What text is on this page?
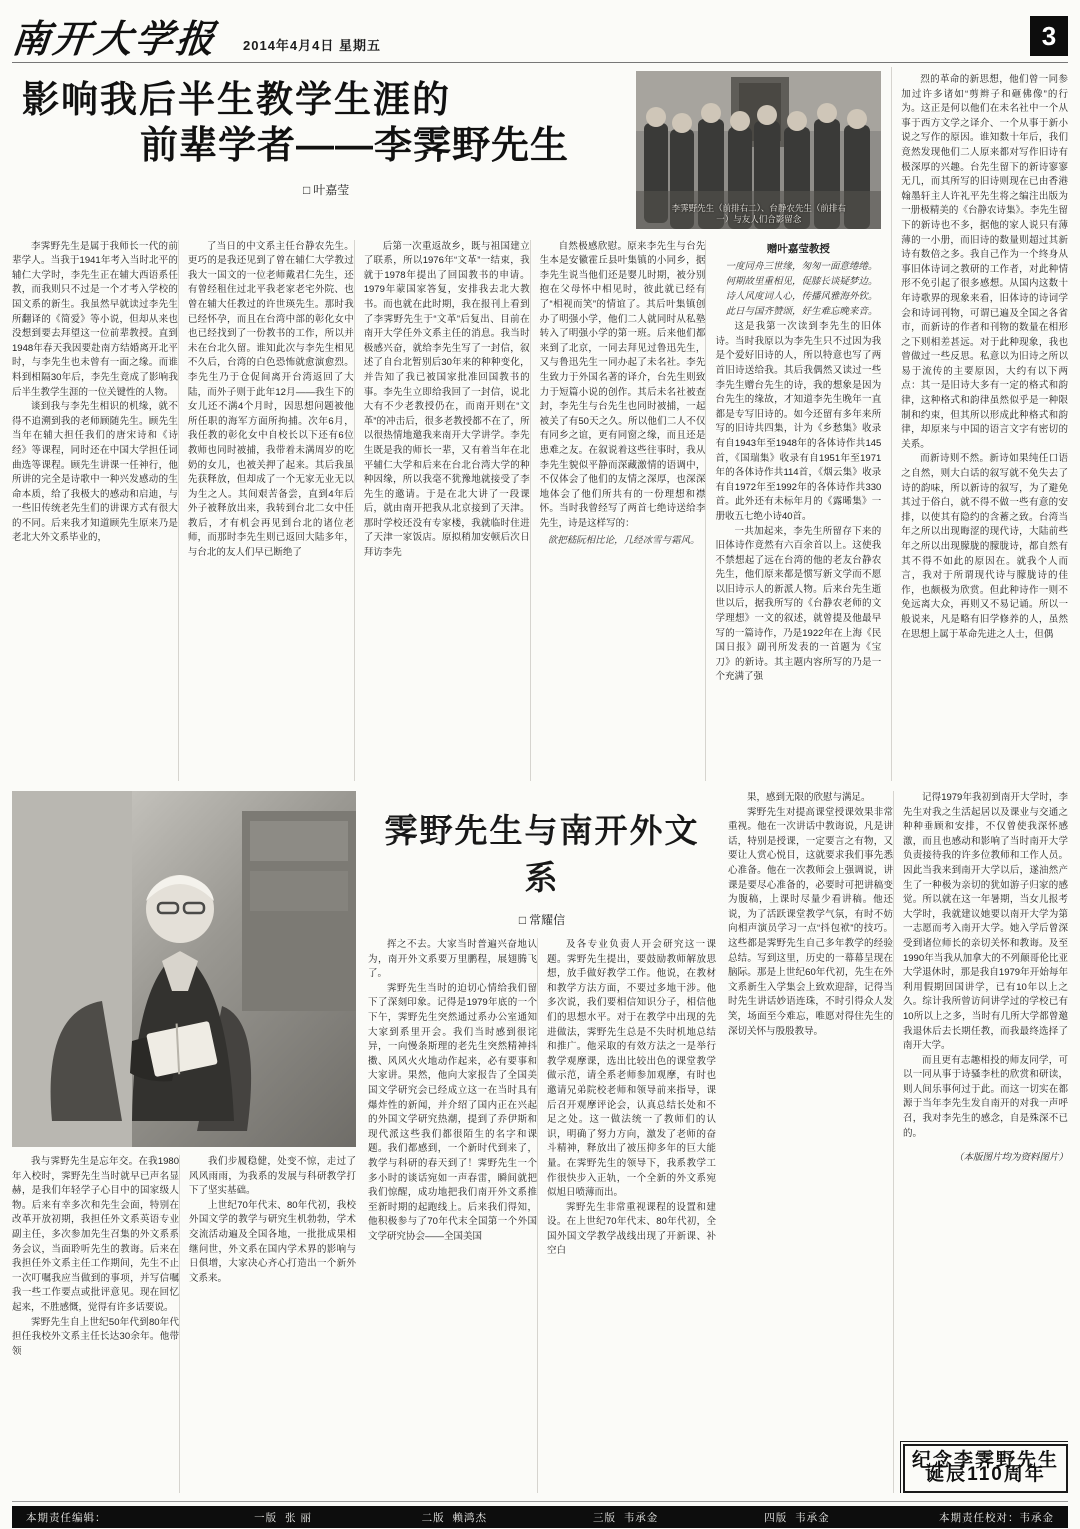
南开大学报 2014年4月4日 星期五	3
影响我后半生教学生涯的
前辈学者——李霁野先生
□ 叶嘉莹
李霁野先生（前排右二）、台静农先生（前排右
一）与友人们合影留念

李霁野先生是属于我师长一代的前辈学人。当我于1941年考入当时北平的辅仁大学时，李先生正在辅大西语系任教，而我则只不过是一个才考入学校的国文系的新生。我虽然早就读过李先生所翻译的《简爱》等小说，但却从来也没想到要去拜望这一位前辈教授。直到1948年春天我因要赴南方结婚离开北平时，与李先生也未曾有一面之缘。而谁料到相隔30年后，李先生竟成了影响我后半生教学生涯的一位关键性的人物。

谈到我与李先生相识的机缘，就不得不追溯到我的老师顾随先生。顾先生当年在辅大担任我们的唐宋诗和《诗经》等课程，同时还在中国大学担任词曲选等课程。顾先生讲课一任神行，他所讲的完全是诗歌中一种兴发感动的生命本质，给了我极大的感动和启迪，与一些旧传统老先生们的讲课方式有很大的不同。后来我才知道顾先生原来乃是老北大外文系毕业的，

了当日的中文系主任台静农先生。更巧的是我还见到了曾在辅仁大学教过我大一国文的一位老师戴君仁先生，还有曾经租住过北平我老家老宅外院、也曾在辅大任教过的许世瑛先生。那时我已经怀孕，而且在台湾中部的彰化女中也已经找到了一份教书的工作，所以并未在台北久留。谁知此次与李先生相见不久后，台湾的白色恐怖就愈演愈烈。李先生乃于仓促间离开台湾返回了大陆，而外子则于此年12月——我生下的女儿还不满4个月时，因思想问题被他所任职的海军方面所拘捕。次年6月，我任教的彰化女中自校长以下还有6位教师也同时被捕，我带着未满周岁的吃奶的女儿，也被关押了起来。其后我虽先获释放，但却成了一个无家无业无以为生之人。其间艰苦备尝，直到4年后外子被释放出来，我转到台北二女中任教后，才有机会再见到台北的诸位老师，而那时李先生则已返回大陆多年，与台北的友人们早已断绝了

后第一次重返故乡，既与祖国建立了联系，所以1976年“文革”一结束，我就于1978年提出了回国教书的申请。1979年蒙国家答复，安排我去北大教书。而也就在此时期，我在报刊上看到了李霁野先生于“文革”后复出、目前在南开大学任外文系主任的消息。我当时极感兴奋，就给李先生写了一封信，叙述了自台北暂别后30年来的种种变化，并告知了我已被国家批准回国教书的事。李先生立即给我回了一封信，说北大有不少老教授仍在，而南开则在“文革”的冲击后，很多老教授都不在了，所以很热情地邀我来南开大学讲学。李先生既是我的师长一辈，又有着当年在北平辅仁大学和后来在台北台湾大学的种种因缘，所以我毫不犹豫地就接受了李先生的邀请。于是在北大讲了一段课后，就由南开把我从北京接到了天津。那时学校还没有专家楼，我就临时住进了天津一家饭店。原拟稍加安顿后次日拜访李先

自然极感欣慰。原来李先生与台先生本是安徽霍丘县叶集镇的小同乡，据李先生说当他们还是婴儿时期，被分别抱在父母怀中相见时，彼此就已经有了“相视而笑”的情谊了。其后叶集镇创办了明强小学，他们二人就同时从私塾转入了明强小学的第一班。后来他们都来到了北京，一同去拜见过鲁迅先生，又与鲁迅先生一同办起了未名社。李先生致力于外国名著的译介，台先生则致力于短篇小说的创作。其后未名社被查封，李先生与台先生也同时被捕，一起被关了有50天之久。所以他们二人不仅有同乡之谊，更有同窗之缘，而且还是患难之友。在叙说着这些往事时，我从李先生貌似平静而深藏激情的语调中，不仅体会了他们的友情之深厚，也深深地体会了他们所共有的一份理想和襟怀。当时我曾经写了两首七绝诗送给李先生，诗是这样写的：

欲把嵇阮相比论，几经冰雪与霜风。
赠叶嘉莹教授
一度同舟三世缘，匆匆一面意绻绻。
何期故里重相见，促膝长谈疑梦边。
诗人风度词人心，传播风雅海外钦。
此日与国齐赞颂，好生难忘晚来音。

这是我第一次读到李先生的旧体诗。当时我原以为李先生只不过因为我是个爱好旧诗的人，所以特意也写了两首旧诗送给我。其后我偶然又读过一些李先生赠台先生的诗，我的想象是因为台先生的缘故，才知道李先生晚年一直都是专写旧诗的。如今还留有多年来所写的旧诗共四集，计为《乡愁集》收录有自1943年至1948年的各体诗作共145首，《国瑞集》收录有自1951年至1971年的各体诗作共114首，《烟云集》收录有自1972年至1992年的各体诗作共330首。此外还有未标年月的《露晞集》一册收五七绝小诗40首。

一共加起来，李先生所留存下来的旧体诗作竟然有六百余首以上。这使我不禁想起了远在台湾的他的老友台静农先生，他们原来都是惯写新文学而不愿以旧诗示人的新派人物。后来台先生逝世以后，据我所写的《台静农老师的文学理想》一文的叙述，就曾提及他最早写的一篇诗作，乃是1922年在上海《民国日报》副刊所发表的一首题为《宝刀》的新诗。其主题内容所写的乃是一个充满了强

烈的革命的新思想，他们曾一同参加过许多诸如“剪辫子和砸佛像”的行为。这正是何以他们在未名社中一个从事于西方文学之译介、一个从事于新小说之写作的原因。谁知数十年后，我们竟然发现他们二人原来都对写作旧诗有极深厚的兴趣。台先生留下的新诗寥寥无几，而其所写的旧诗则现在已由香港翰墨轩主人许礼平先生将之编注出版为一册极精美的《台静农诗集》。李先生留下的新诗也不多，据他的家人说只有薄薄的一小册，而旧诗的数量则超过其新诗有数倍之多。我自己作为一个终身从事旧体诗词之教研的工作者，对此种情形不免引起了很多感想。从国内这数十年诗歌界的现象来看，旧体诗的诗词学会和诗词刊物，可谓已遍及全国之各省市，而新诗的作者和刊物的数量在相形之下则相差甚远。对于此种现象，我也曾做过一些反思。私意以为旧诗之所以易于流传的主要原因，大约有以下两点：其一是旧诗大多有一定的格式和韵律，这种格式和韵律虽然似乎是一种限制和约束，但其所以形成此种格式和韵律，却原来与中国的语言文字有密切的关系。

而新诗则不然。新诗如果纯任口语之自然，则大白话的叙写就不免失去了诗的韵味，所以新诗的叙写，为了避免其过于俗白，就不得不做一些有意的安排，以使其有隐约的含蓄之致。台湾当年之所以出现晦涩的现代诗，大陆前些年之所以出现朦胧的朦胧诗，都自然有其不得不如此的原因在。就我个人而言，我对于所谓现代诗与朦胧诗的佳作，也颇极为欣赏。但此种诗作一则不免远离大众，再则又不易记诵。所以一般说来，凡是略有旧学修养的人，虽然在思想上属于革命先进之人士，但偶

我与霁野先生是忘年交。在我1980年入校时，霁野先生当时就早已声名显赫，是我们年轻学子心目中的国家级人物。后来有幸多次和先生会面，特别在改革开放初期，我担任外文系英语专业副主任，多次参加先生召集的外文系系务会议，当面聆听先生的教诲。后来在我担任外文系主任工作期间，先生不止一次叮嘱我应当做到的事项，并写信嘱我一些工作要点或批评意见。现在回忆起来，不胜感慨，觉得有许多话要说。

霁野先生自上世纪50年代到80年代担任我校外文系主任长达30余年。他带领

我们步履稳健，处变不惊，走过了风风雨雨，为我系的发展与科研教学打下了坚实基础。

上世纪70年代末、80年代初，我校外国文学的教学与研究生机勃勃，学术交流活动遍及全国各地，一批批成果相继问世，外文系在国内学术界的影响与日俱增，大家决心齐心打造出一个新外文系来。

霁野先生与南开外文系
□ 常耀信

挥之不去。大家当时普遍兴奋地认为，南开外文系要万里鹏程，展翅腾飞了。

霁野先生当时的迫切心情给我们留下了深刻印象。记得是1979年底的一个下午，霁野先生突然通过系办公室通知大家到系里开会。我们当时感到很诧异，一向慢条斯理的老先生突然精神抖擞、风风火火地动作起来，必有要事和大家讲。果然，他向大家报告了全国美国文学研究会已经成立这一在当时具有爆炸性的新闻，并介绍了国内正在兴起的外国文学研究热潮，提到了乔伊斯和现代派这些我们都很陌生的名字和课题。我们都感到，一个新时代到来了，教学与科研的春天到了！霁野先生一个多小时的谈话宛如一声春雷，瞬间就把我们惊醒，成功地把我们南开外文系推至新时期的起跑线上。后来我们得知，他积极参与了70年代末全国第一个外国文学研究协会——全国美国

及各专业负责人开会研究这一课题。霁野先生提出，要鼓励教师解放思想，放手做好教学工作。他说，在教材和教学方法方面，不要过多地干涉。他多次说，我们要相信知识分子，相信他们的思想水平。对于在教学中出现的先进做法，霁野先生总是不失时机地总结和推广。他采取的有效方法之一是举行教学观摩课，选出比较出色的课堂教学做示范，请全系老师参加观摩，有时也邀请兄弟院校老师和领导前来指导，课后召开观摩评论会，认真总结长处和不足之处。这一做法统一了教师们的认识，明确了努力方向，激发了老师的奋斗精神，释放出了被压抑多年的巨大能量。在霁野先生的领导下，我系教学工作很快步入正轨，一个全新的外文系宛似旭日喷薄而出。

霁野先生非常重视课程的设置和建设。在上世纪70年代末、80年代初，全国外国文学教学战线出现了开新课、补空白

果，感到无限的欣慰与满足。

霁野先生对提高课堂授课效果非常重视。他在一次讲话中教诲说，凡是讲话，特别是授课，一定要言之有物，又要让人赏心悦目，这就要求我们事先悉心准备。他在一次教师会上强调说，讲课是要尽心准备的，必要时可把讲稿变为腹稿，上课时尽量少看讲稿。他还说，为了活跃课堂教学气氛，有时不妨向相声演员学习一点“抖包袱”的技巧。这些都是霁野先生自己多年教学的经验总结。写到这里，历史的一幕幕呈现在脑际。那是上世纪60年代初，先生在外文系新生入学集会上致欢迎辞，记得当时先生讲话妙语连珠，不时引得众人发笑，场面至今难忘，唯愿对得住先生的深切关怀与殷殷教导。

记得1979年我初到南开大学时，李先生对我之生活起居以及课业与交通之种种垂顾和安排，不仅曾使我深怀感激，而且也感动和影响了当时南开大学负责接待我的许多位教师和工作人员。因此当我来到南开大学以后，遂油然产生了一种极为亲切的犹如游子归家的感觉。所以就在这一年暑期，当女儿报考大学时，我就建议她要以南开大学为第一志愿而考入南开大学。她入学后曾深受到诸位师长的亲切关怀和教诲。及至1990年当我从加拿大的不列颠哥伦比亚大学退休时，那是我自1979年开始每年利用假期回国讲学，已有10年以上之久。综计我所曾访问讲学过的学校已有10所以上之多，当时有几所大学都曾邀我退休后去长期任教，而我最终选择了南开大学。

而且更有志趣相投的师友同学，可以一同从事于诗骚李杜的欣赏和研读，则人间乐事何过于此。而这一切实在都源于当年李先生发自南开的对我一声呼召，我对李先生的感念，自是殊深不已的。

（本版图片均为资料图片）
纪念李霁野先生诞辰110周年
本期责任编辑：	一版 张 丽	二版 赖鸿杰	三版 韦承金	四版 韦承金	本期责任校对：韦承金
